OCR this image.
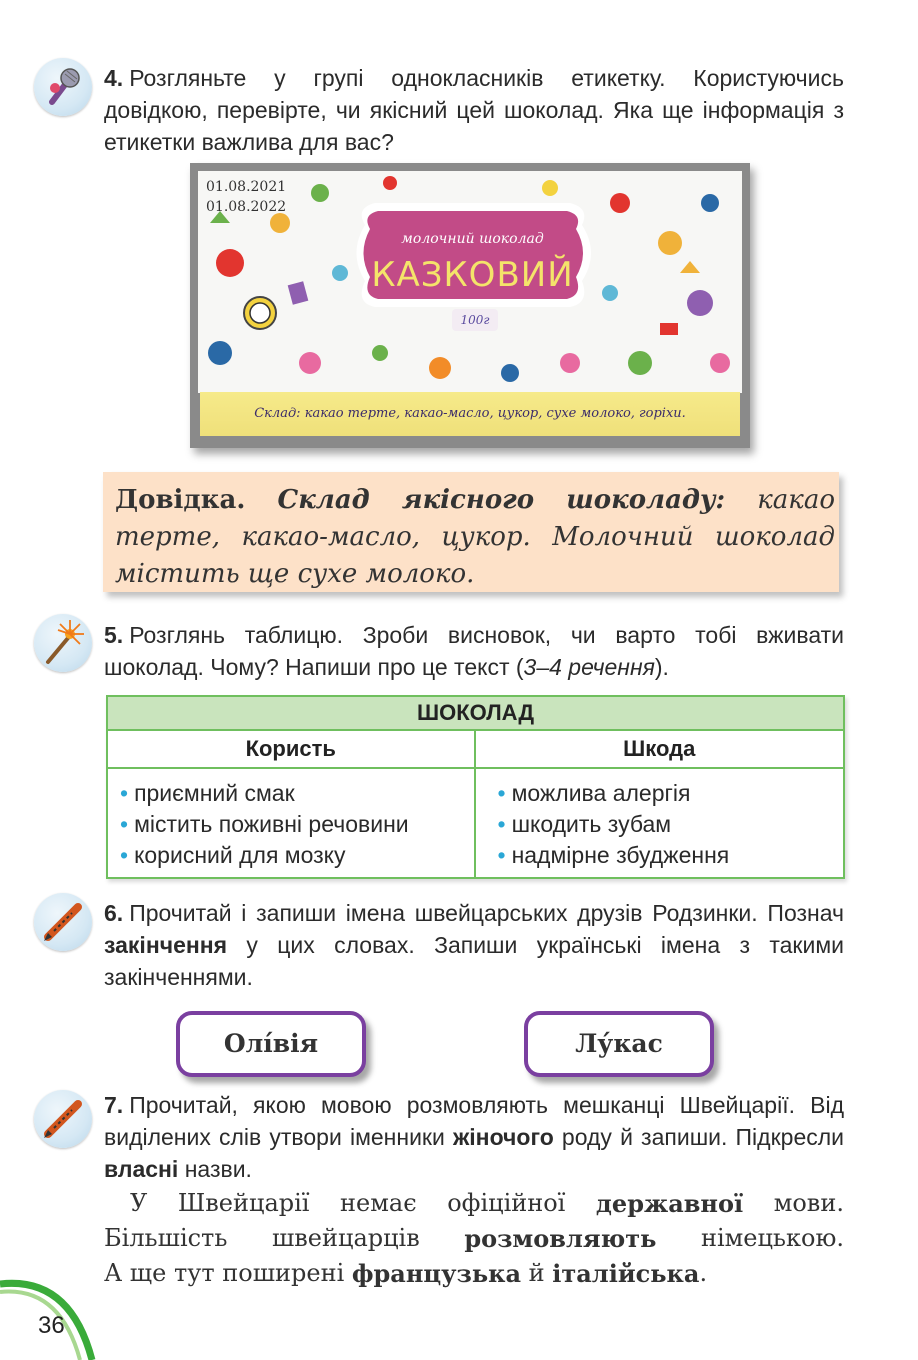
4. Розгляньте у групі однокласників етикетку. Користуючись довідкою, перевірте, чи якісний цей шоколад. Яка ще інформація з етикетки важлива для вас?
01.08.2021
01.08.2022
молочний шоколад
КАЗКОВИЙ
100г
Склад: какао терте, какао-масло, цукор, сухе молоко, горіхи.
Довідка. Склад якісного шоколаду: какао
терте, какао-масло, цукор. Молочний шоколад
містить ще сухе молоко.
5. Розглянь таблицю. Зроби висновок, чи варто тобі вживати шоколад. Чому? Напиши про це текст (3–4 речення).
ШОКОЛАД
Користь	Шкода
• приємний смак
• містить поживні речовини
• корисний для мозку
• можлива алергія
• шкодить зубам
• надмірне збудження
6. Прочитай і запиши імена швейцарських друзів Родзинки. Познач закінчення у цих словах. Запиши українські імена з такими закінченнями.
Олі́вія	Лу́кас
7. Прочитай, якою мовою розмовляють мешканці Швейцарії. Від виділених слів утвори іменники жіночого роду й запиши. Підкресли власні назви.
У Швейцарії немає офіційної державної мови.
Більшість швейцарців розмовляють німецькою.
А ще тут поширені французька й італійська .
36
